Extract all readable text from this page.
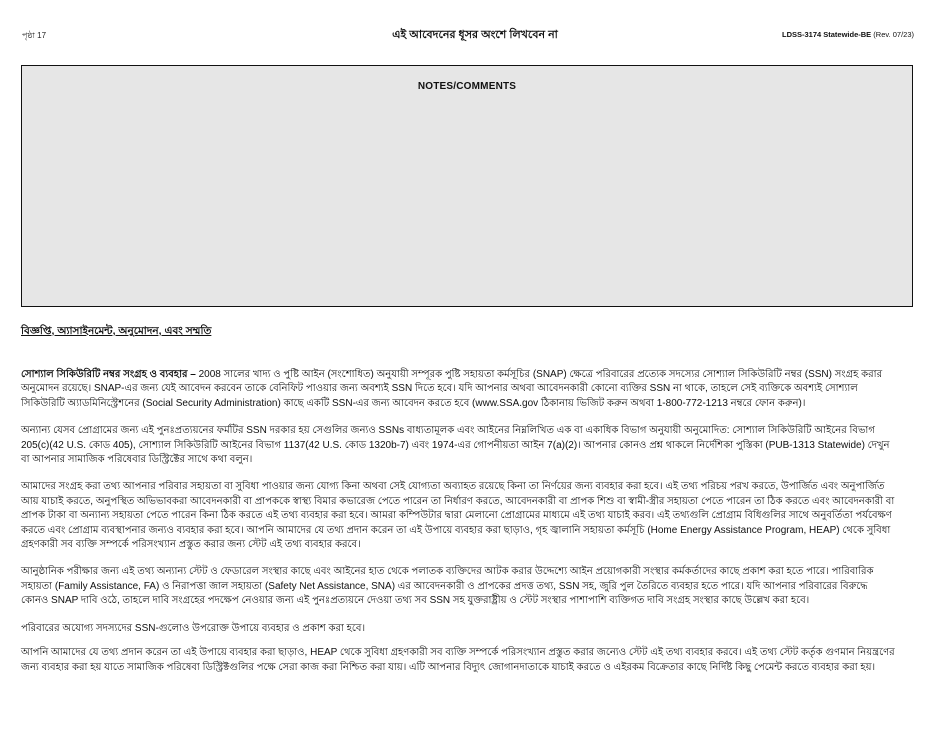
পৃষ্ঠা 17	এই আবেদনের ধূসর অংশে লিখবেন না	LDSS-3174 Statewide-BE (Rev. 07/23)
NOTES/COMMENTS
বিজ্ঞপ্তি, অ্যাসাইনমেন্ট, অনুমোদন, এবং সম্মতি

সোশ্যাল সিকিউরিটি নম্বর সংগ্রহ ও ব্যবহার – 2008 সালের খাদ্য ও পুষ্টি আইন (সংশোধিত) অনুযায়ী সম্পূরক পুষ্টি সহায়তা কর্মসূচির (SNAP) ক্ষেত্রে পরিবারের প্রত্যেক সদস্যের সোশ্যাল সিকিউরিটি নম্বর (SSN) সংগ্রহ করার অনুমোদন রয়েছে। SNAP-এর জন্য যেই আবেদন করবেন তাকে বেনিফিট পাওয়ার জন্য অবশ্যই SSN দিতে হবে। যদি আপনার অথবা আবেদনকারী কোনো ব্যক্তির SSN না থাকে, তাহলে সেই ব্যক্তিকে অবশ্যই সোশ্যাল সিকিউরিটি অ্যাডমিনিস্ট্রেশনের (Social Security Administration) কাছে একটি SSN-এর জন্য আবেদন করতে হবে (www.SSA.gov ঠিকানায় ভিজিট করুন অথবা 1-800-772-1213 নম্বরে ফোন করুন)।

অন্যান্য যেসব প্রোগ্রামের জন্য এই পুনঃপ্রত্যয়নের ফর্মটির SSN দরকার হয় সেগুলির জন্যও SSNs বাধ্যতামূলক এবং আইনের নিম্নলিখিত এক বা একাধিক বিভাগ অনুযায়ী অনুমোদিত: সোশ্যাল সিকিউরিটি আইনের বিভাগ 205(c)(42 U.S. কোড 405), সোশ্যাল সিকিউরিটি আইনের বিভাগ 1137(42 U.S. কোড 1320b-7) এবং 1974-এর গোপনীয়তা আইন 7(a)(2)। আপনার কোনও প্রশ্ন থাকলে নির্দেশিকা পুস্তিকা (PUB-1313 Statewide) দেখুন বা আপনার সামাজিক পরিষেবার ডিস্ট্রিক্টের সাথে কথা বলুন।

আমাদের সংগ্রহ করা তথ্য আপনার পরিবার সহায়তা বা সুবিধা পাওয়ার জন্য যোগ্য কিনা অথবা সেই যোগ্যতা অব্যাহত রয়েছে কিনা তা নির্ণয়ের জন্য ব্যবহার করা হবে। এই তথ্য পরিচয় পরখ করতে, উপার্জিত এবং অনুপার্জিত আয় যাচাই করতে, অনুপস্থিত অভিভাবকরা আবেদনকারী বা প্রাপককে স্বাস্থ্য বিমার কভারেজ পেতে পারেন তা নির্ধারণ করতে, আবেদনকারী বা প্রাপক শিশু বা স্বামী-স্ত্রীর সহায়তা পেতে পারেন তা ঠিক করতে এবং আবেদনকারী বা প্রাপক টাকা বা অন্যান্য সহায়তা পেতে পারেন কিনা ঠিক করতে এই তথ্য ব্যবহার করা হবে। আমরা কম্পিউটার দ্বারা মেলানো প্রোগ্রামের মাধ্যমে এই তথ্য যাচাই করব। এই তথ্যগুলি প্রোগ্রাম বিধিগুলির সাথে অনুবর্তিতা পর্যবেক্ষণ করতে এবং প্রোগ্রাম ব্যবস্থাপনার জন্যও ব্যবহার করা হবে। আপনি আমাদের যে তথ্য প্রদান করেন তা এই উপায়ে ব্যবহার করা ছাড়াও, গৃহ জ্বালানি সহায়তা কর্মসূচি (Home Energy Assistance Program, HEAP) থেকে সুবিধা গ্রহণকারী সব ব্যক্তি সম্পর্কে পরিসংখ্যান প্রস্তুত করার জন্য স্টেট এই তথ্য ব্যবহার করবে।

আনুষ্ঠানিক পরীক্ষার জন্য এই তথ্য অন্যান্য স্টেট ও ফেডারেল সংস্থার কাছে এবং আইনের হাত থেকে পলাতক ব্যক্তিদের আটক করার উদ্দেশ্যে আইন প্রয়োগকারী সংস্থার কর্মকর্তাদের কাছে প্রকাশ করা হতে পারে। পারিবারিক সহায়তা (Family Assistance, FA) ও নিরাপত্তা জাল সহায়তা (Safety Net Assistance, SNA) এর আবেদনকারী ও প্রাপকের প্রদত্ত তথ্য, SSN সহ, জুরি পুল তৈরিতে ব্যবহার হতে পারে। যদি আপনার পরিবারের বিরুদ্ধে কোনও SNAP দাবি ওঠে, তাহলে দাবি সংগ্রহের পদক্ষেপ নেওয়ার জন্য এই পুনঃপ্রত্যয়নে দেওয়া তথ্য সব SSN সহ যুক্তরাষ্ট্রীয় ও স্টেট সংস্থার পাশাপাশি ব্যক্তিগত দাবি সংগ্রহ সংস্থার কাছে উল্লেখ করা হবে।

পরিবারের অযোগ্য সদস্যদের SSN-গুলোও উপরোক্ত উপায়ে ব্যবহার ও প্রকাশ করা হবে।

আপনি আমাদের যে তথ্য প্রদান করেন তা এই উপায়ে ব্যবহার করা ছাড়াও, HEAP থেকে সুবিধা গ্রহণকারী সব ব্যক্তি সম্পর্কে পরিসংখ্যান প্রস্তুত করার জন্যেও স্টেট এই তথ্য ব্যবহার করবে। এই তথ্য স্টেট কর্তৃক গুণমান নিয়ন্ত্রণের জন্য ব্যবহার করা হয় যাতে সামাজিক পরিষেবা ডিস্ট্রিক্টগুলির পক্ষে সেরা কাজ করা নিশ্চিত করা যায়। এটি আপনার বিদ্যুৎ জোগানদাতাকে যাচাই করতে ও এইরকম বিক্রেতার কাছে নির্দিষ্ট কিছু পেমেন্ট করতে ব্যবহার করা হয়।
